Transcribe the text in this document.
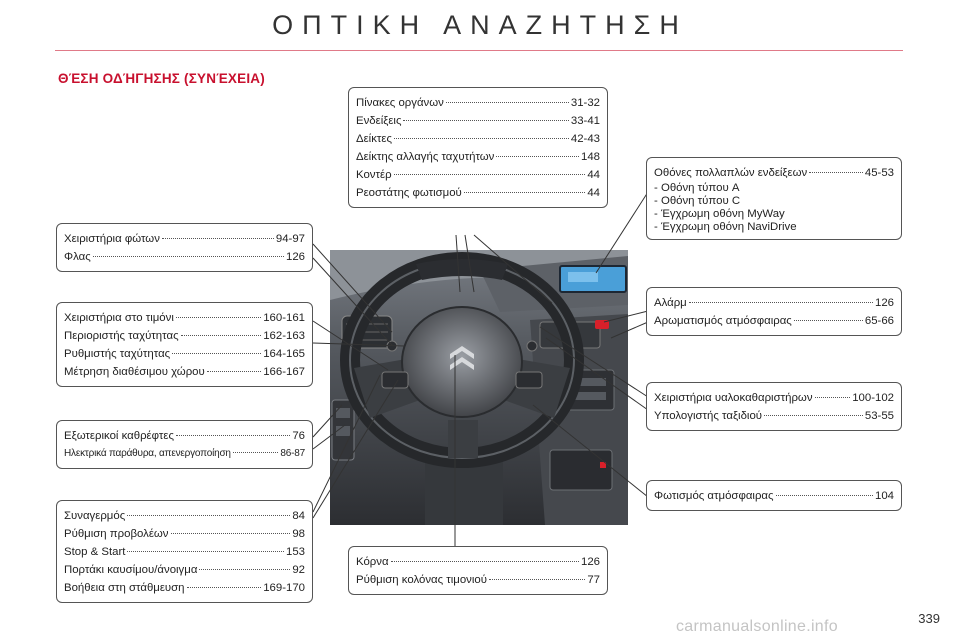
ΟΠΤΙΚΗ ΑΝΑΖΗΤΗΣΗ
ΘΈΣΗ ΟΔΉΓΗΣΗΣ (ΣΥΝΈΧΕΙΑ)
Πίνακες οργάνων	31-32
Ενδείξεις	33-41
Δείκτες	42-43
Δείκτης αλλαγής ταχυτήτων	148
Κοντέρ	44
Ρεοστάτης φωτισμού	44
Οθόνες πολλαπλών ενδείξεων	45-53
- Οθόνη τύπου A
- Οθόνη τύπου C
- Έγχρωμη οθόνη MyWay
- Έγχρωμη οθόνη NaviDrive
Χειριστήρια φώτων	94-97
Φλας	126
Χειριστήρια στο τιμόνι	160-161
Περιοριστής ταχύτητας	162-163
Ρυθμιστής ταχύτητας	164-165
Μέτρηση διαθέσιμου χώρου	166-167
Αλάρμ	126
Αρωματισμός ατμόσφαιρας	65-66
Χειριστήρια υαλοκαθαριστήρων	100-102
Υπολογιστής ταξιδιού	53-55
Εξωτερικοί καθρέφτες	76
Ηλεκτρικά παράθυρα, απενεργοποίηση	86-87
Φωτισμός ατμόσφαιρας	104
Συναγερμός	84
Ρύθμιση προβολέων	98
Stop & Start	153
Πορτάκι καυσίμου/άνοιγμα	92
Βοήθεια στη στάθμευση	169-170
Κόρνα	126
Ρύθμιση κολόνας τιμονιού	77
339
carmanualsonline.info
